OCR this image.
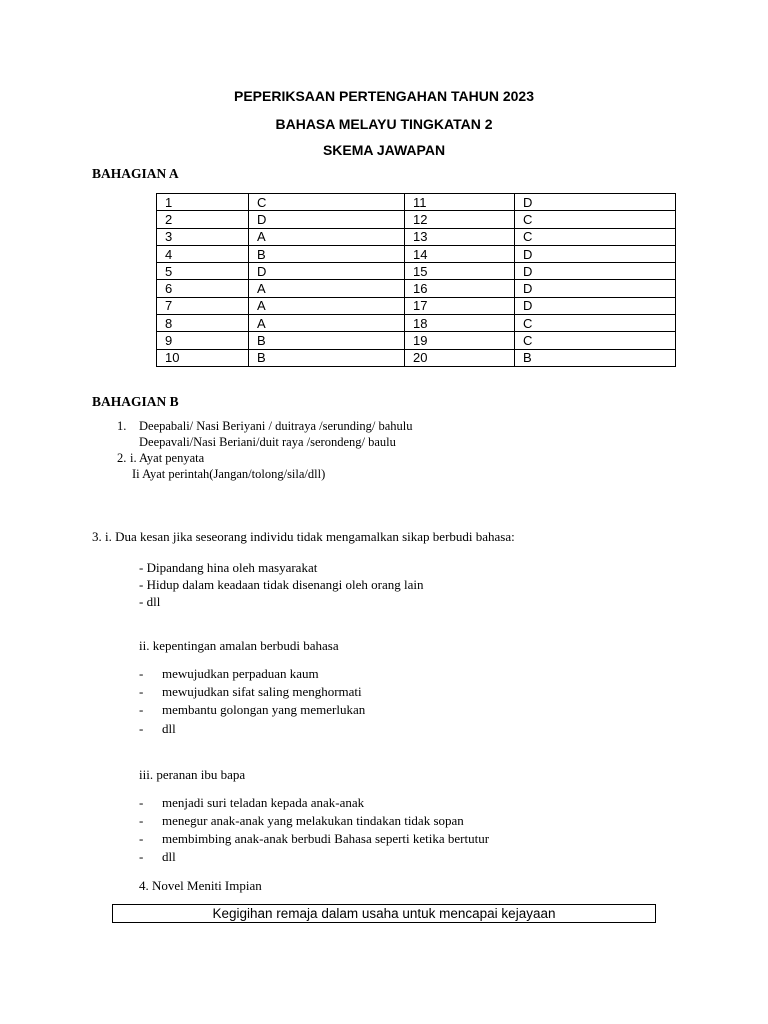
PEPERIKSAAN PERTENGAHAN TAHUN 2023
BAHASA MELAYU TINGKATAN 2
SKEMA JAWAPAN
BAHAGIAN A
1	C	11	D
2	D	12	C
3	A	13	C
4	B	14	D
5	D	15	D
6	A	16	D
7	A	17	D
8	A	18	C
9	B	19	C
10	B	20	B
BAHAGIAN B
1. Deepabali/ Nasi Beriyani / duitraya /serunding/ bahulu
Deepavali/Nasi Beriani/duit raya /serondeng/ baulu
2. i. Ayat penyata
Ii Ayat perintah(Jangan/tolong/sila/dll)
3. i. Dua kesan jika seseorang individu tidak mengamalkan sikap berbudi bahasa:
- Dipandang hina oleh masyarakat
- Hidup dalam keadaan tidak disenangi oleh orang lain
- dll
ii. kepentingan amalan berbudi bahasa
- mewujudkan perpaduan kaum
- mewujudkan sifat saling menghormati
- membantu golongan yang memerlukan
- dll
iii. peranan ibu bapa
- menjadi suri teladan kepada anak-anak
- menegur anak-anak yang melakukan tindakan tidak sopan
- membimbing anak-anak berbudi Bahasa seperti ketika bertutur
- dll
4. Novel Meniti Impian
Kegigihan remaja dalam usaha untuk mencapai kejayaan
